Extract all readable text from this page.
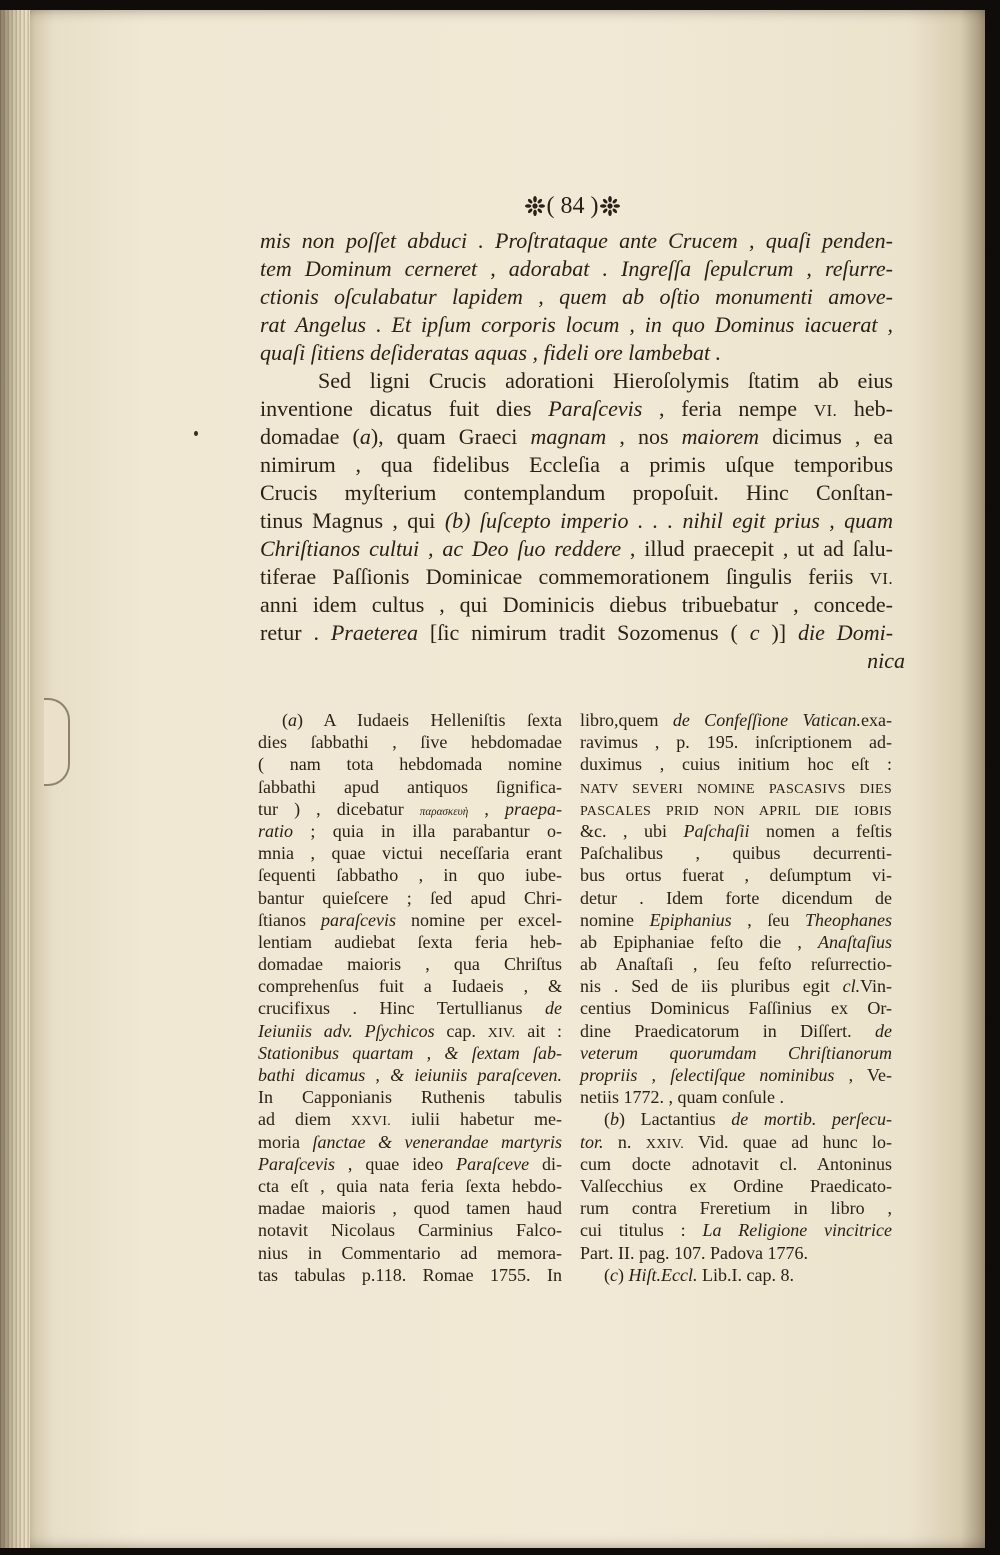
( 84 )
mis non poſſet abduci . Proſtrataque ante Crucem , quaſi penden-
tem Dominum cerneret , adorabat . Ingreſſa ſepulcrum , reſurre-
ctionis oſculabatur lapidem , quem ab oſtio monumenti amove-
rat Angelus . Et ipſum corporis locum , in quo Dominus iacuerat ,
quaſi ſitiens deſideratas aquas , fideli ore lambebat .
Sed ligni Crucis adorationi Hieroſolymis ſtatim ab eius
inventione dicatus fuit dies Paraſcevis , feria nempe VI. heb-
domadae (a), quam Graeci magnam , nos maiorem dicimus , ea
nimirum , qua fidelibus Eccleſia a primis uſque temporibus
Crucis myſterium contemplandum propoſuit. Hinc Conſtan-
tinus Magnus , qui (b) ſuſcepto imperio . . . nihil egit prius , quam
Chriſtianos cultui , ac Deo ſuo reddere , illud praecepit , ut ad ſalu-
tiferae Paſſionis Dominicae commemorationem ſingulis feriis VI.
anni idem cultus , qui Dominicis diebus tribuebatur , concede-
retur . Praeterea [ſic nimirum tradit Sozomenus ( c )] die Domi-
nica
(a) A Iudaeis Helleniſtis ſexta
dies ſabbathi , ſive hebdomadae
( nam tota hebdomada nomine
ſabbathi apud antiquos ſignifica-
tur ) , dicebatur παρασκευὴ , praepa-
ratio ; quia in illa parabantur o-
mnia , quae victui neceſſaria erant
ſequenti ſabbatho , in quo iube-
bantur quieſcere ; ſed apud Chri-
ſtianos paraſcevis nomine per excel-
lentiam audiebat ſexta feria heb-
domadae maioris , qua Chriſtus
comprehenſus fuit a Iudaeis , &
crucifixus . Hinc Tertullianus de
Ieiuniis adv. Pſychicos cap. XIV. ait :
Stationibus quartam , & ſextam ſab-
bathi dicamus , & ieiuniis paraſceven.
In Capponianis Ruthenis tabulis
ad diem XXVI. iulii habetur me-
moria ſanctae & venerandae martyris
Paraſcevis , quae ideo Paraſceve di-
cta eſt , quia nata feria ſexta hebdo-
madae maioris , quod tamen haud
notavit Nicolaus Carminius Falco-
nius in Commentario ad memora-
tas tabulas p.118. Romae 1755. In
libro,quem de Confeſſione Vatican.exa-
ravimus , p. 195. inſcriptionem ad-
duximus , cuius initium hoc eſt :
NATV SEVERI NOMINE PASCASIVS DIES
PASCALES PRID NON APRIL DIE IOBIS
&c. , ubi Paſchaſii nomen a feſtis
Paſchalibus , quibus decurrenti-
bus ortus fuerat , deſumptum vi-
detur . Idem forte dicendum de
nomine Epiphanius , ſeu Theophanes
ab Epiphaniae feſto die , Anaſtaſius
ab Anaſtaſi , ſeu feſto reſurrectio-
nis . Sed de iis pluribus egit cl.Vin-
centius Dominicus Faſſinius ex Or-
dine Praedicatorum in Diſſert. de
veterum quorumdam Chriſtianorum
propriis , ſelectiſque nominibus , Ve-
netiis 1772. , quam conſule .
(b) Lactantius de mortib. perſecu-
tor. n. XXIV. Vid. quae ad hunc lo-
cum docte adnotavit cl. Antoninus
Valſecchius ex Ordine Praedicato-
rum contra Freretium in libro ,
cui titulus : La Religione vincitrice
Part. II. pag. 107. Padova 1776.
(c) Hiſt.Eccl. Lib.I. cap. 8.
